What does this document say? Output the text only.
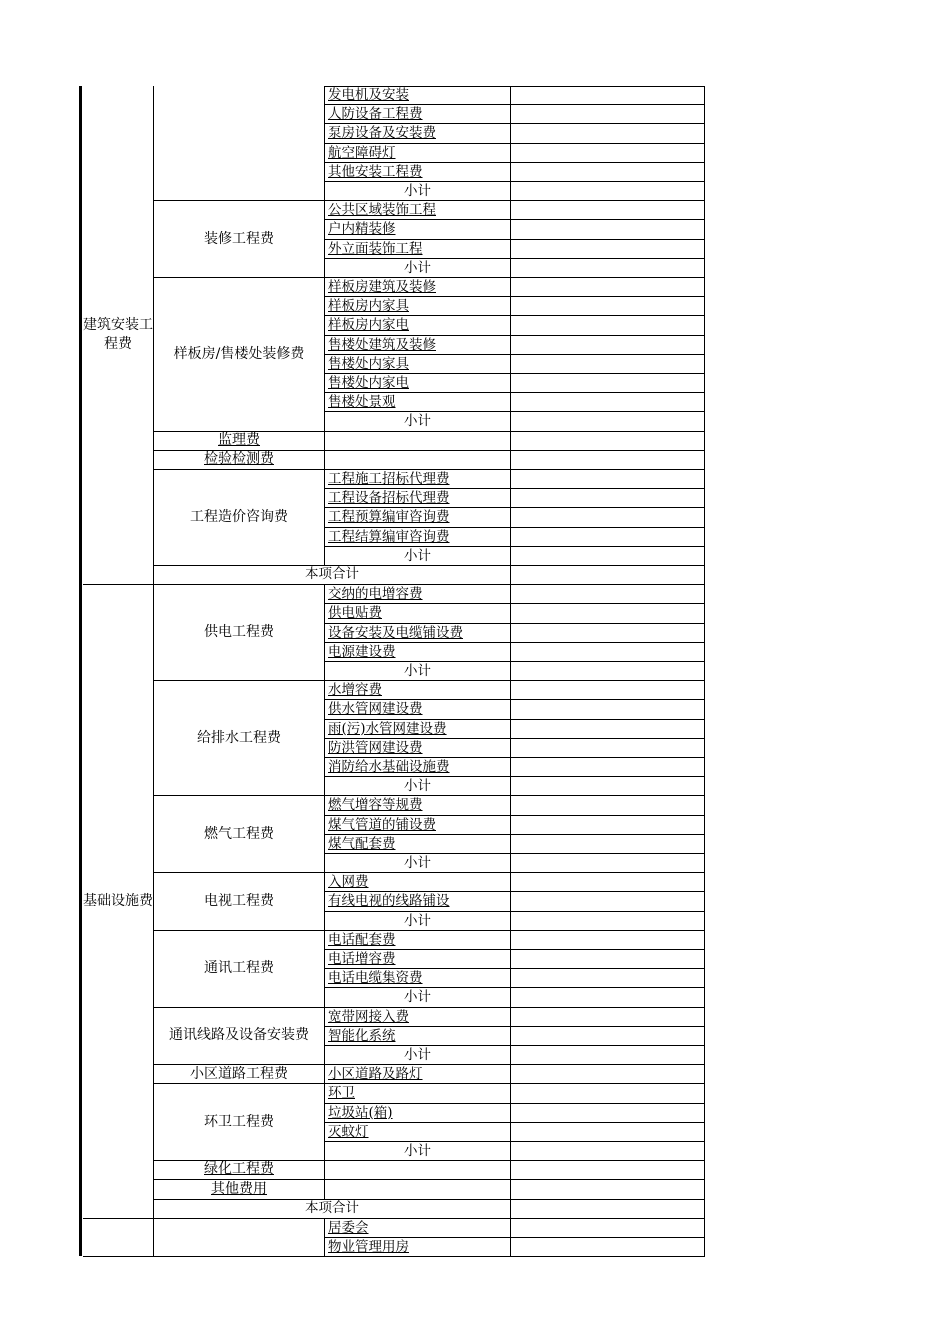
发电机及安装
人防设备工程费
泵房设备及安装费
航空障碍灯
其他安装工程费
小计
公共区域装饰工程
户内精装修
外立面装饰工程
小计
装修工程费
样板房建筑及装修
样板房内家具
样板房内家电
售楼处建筑及装修
售楼处内家具
售楼处内家电
售楼处景观
小计
样板房/售楼处装修费
监理费
检验检测费
工程施工招标代理费
工程设备招标代理费
工程预算编审咨询费
工程结算编审咨询费
小计
工程造价咨询费
本项合计
建筑安装工程费
交纳的电增容费
供电贴费
设备安装及电缆铺设费
电源建设费
小计
供电工程费
水增容费
供水管网建设费
雨(污)水管网建设费
防洪管网建设费
消防给水基础设施费
小计
给排水工程费
燃气增容等规费
煤气管道的铺设费
煤气配套费
小计
燃气工程费
入网费
有线电视的线路铺设
小计
电视工程费
电话配套费
电话增容费
电话电缆集资费
小计
通讯工程费
宽带网接入费
智能化系统
小计
通讯线路及设备安装费
小区道路及路灯
小区道路工程费
环卫
垃圾站(箱)
灭蚊灯
小计
环卫工程费
绿化工程费
其他费用
本项合计
基础设施费
居委会
物业管理用房
